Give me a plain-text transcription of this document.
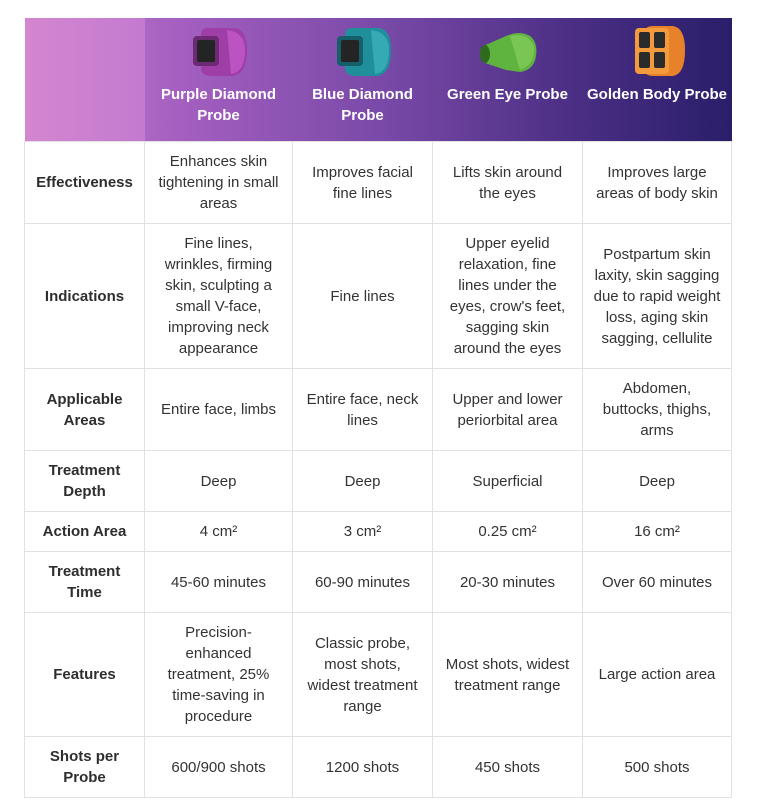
	Purple Diamond Probe	Blue Diamond Probe	Green Eye Probe	Golden Body Probe

Effectiveness	Enhances skin tightening in small areas	Improves facial fine lines	Lifts skin around the eyes	Improves large areas of body skin
Indications	Fine lines, wrinkles, firming skin, sculpting a small V-face, improving neck appearance	Fine lines	Upper eyelid relaxation, fine lines under the eyes, crow's feet, sagging skin around the eyes	Postpartum skin laxity, skin sagging due to rapid weight loss, aging skin sagging, cellulite
Applicable Areas	Entire face, limbs	Entire face, neck lines	Upper and lower periorbital area	Abdomen, buttocks, thighs, arms
Treatment Depth	Deep	Deep	Superficial	Deep
Action Area	4 cm²	3 cm²	0.25 cm²	16 cm²
Treatment Time	45-60 minutes	60-90 minutes	20-30 minutes	Over 60 minutes
Features	Precision-enhanced treatment, 25% time-saving in procedure	Classic probe, most shots, widest treatment range	Most shots, widest treatment range	Large action area
Shots per Probe	600/900 shots	1200 shots	450 shots	500 shots
